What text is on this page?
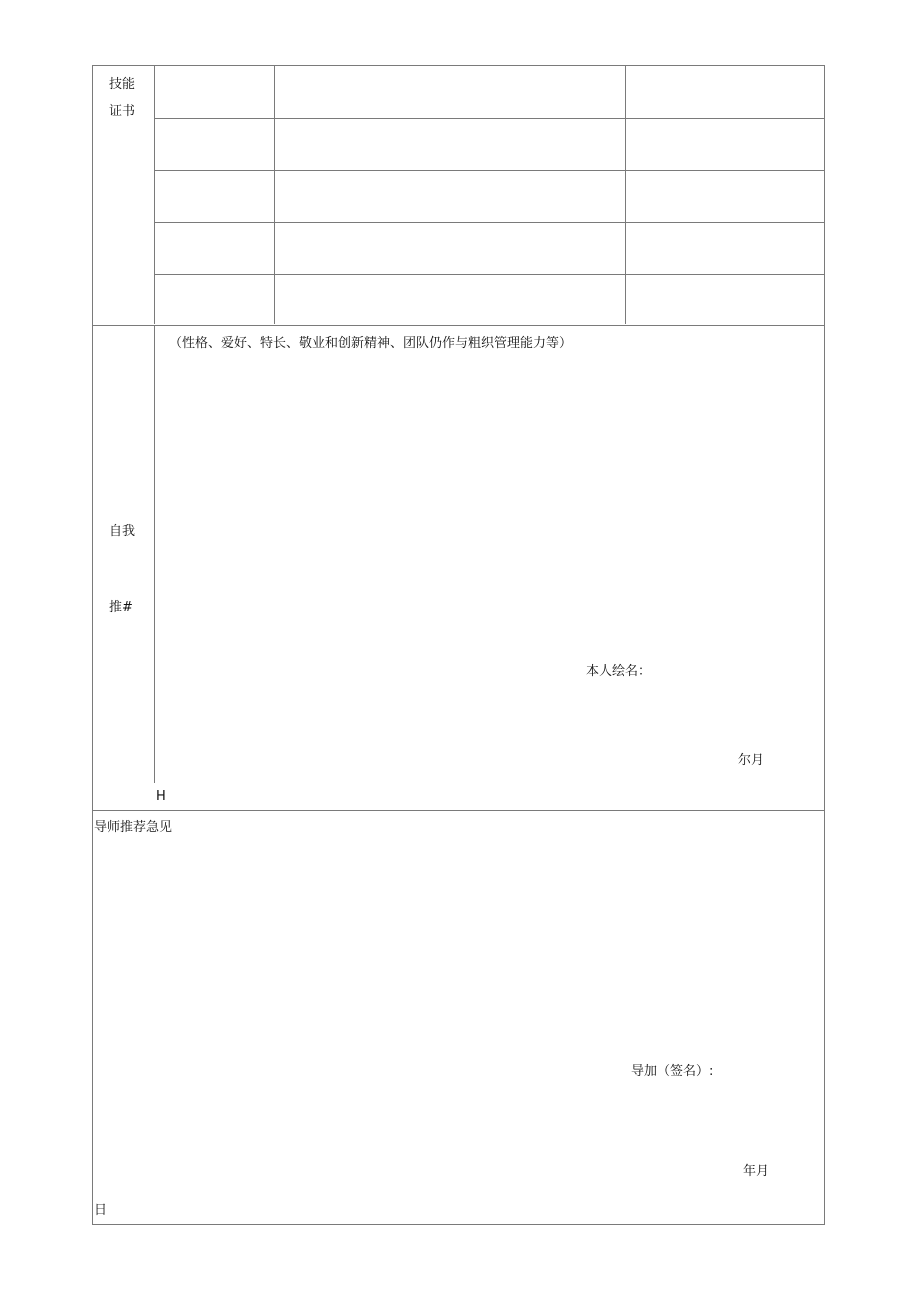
技能
证书
自我
推#
（性格、爱好、特长、敬业和创新精神、团队仍作与粗织管理能力等）
本人绘名：
尔月
H
导师推荐急见
导加（签名）:
年月
日
